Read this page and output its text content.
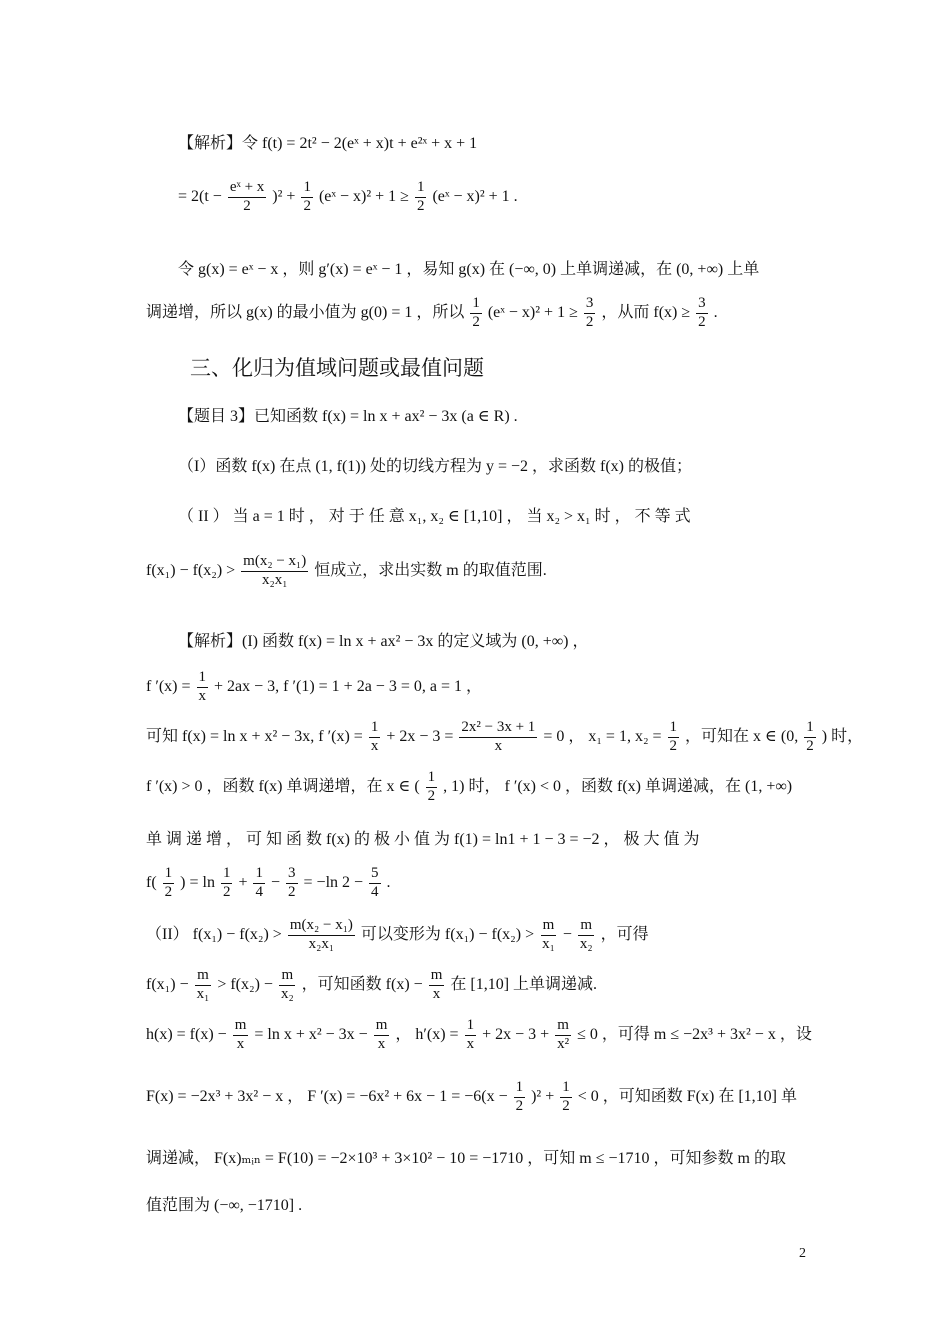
【解析】令 f(t) = 2t² − 2(eˣ + x)t + e²ˣ + x + 1
= $2(t - \frac{\text{eˣ + x}}{2} )^2 + \frac{1}{2}$ (eˣ − $x)^2 + 1 \ge \frac{1}{2}$ (eˣ − x)² + 1 .
令 g(x) = eˣ − x ，则 g′(x) = eˣ − 1 ，易知 g(x) 在 (−∞, 0) 上单调递减，在 (0, +∞) 上单
调递增，所以 g(x) 的最小值为 g(0) = 1 ，所以 $\frac{1}{2}$ (eˣ − $x)^2 + 1 \ge \frac{3}{2}$ ，从而 $f(x) \ge \frac{3}{2}$ .
三、化归为值域问题或最值问题
【题目 3】已知函数 f(x) = ln x + ax² − 3x (a ∈ R) .
（I）函数 f(x) 在点 (1, f(1)) 处的切线方程为 y = −2 ，求函数 f(x) 的极值；
（ II ） 当 a = 1 时 ， 对 于 任 意 x₁, x₂ ∈ [1,10] ， 当 x₂ > x₁ 时 ， 不 等 式
$f(x_1) - f(x_2) > \frac{\text{m(x₂ − x₁)}}{\text{x₂x₁}}$ 恒成立，求出实数 m 的取值范围.
【解析】(I) 函数 f(x) = ln x + ax² − 3x 的定义域为 (0, +∞) ，
f $'(x) = \frac{1}{x} + 2ax - 3$, f ′(1) = 1 + 2a − 3 = 0, a = 1 ，
可知 f(x) = ln x + x² − 3x, f $'(x) = \frac{1}{x} + 2x - 3 = \frac{\text{2x² − 3x + 1}}{x} = 0$ ， x₁ = 1, $x_2 = \frac{1}{2}$ ，可知在 x ∈ (0, $\frac{1}{2}$ ) 时，
f ′(x) > 0 ，函数 f(x) 单调递增，在 x ∈ ( $\frac{1}{2}$ , 1) 时， f ′(x) < 0 ，函数 f(x) 单调递减，在 (1, +∞)
单 调 递 增 ， 可 知 函 数 f(x) 的 极 小 值 为 f(1) = ln1 + 1 − 3 = −2 ， 极 大 值 为
$f( \frac{1}{2}$ ) = $\ln \frac{1}{2} + \frac{1}{4} - \frac{3}{2} = -\ln$ $2 - \frac{5}{4}$ .
（II） $f(x_1) - f(x_2) > \frac{\text{m(x₂ − x₁)}}{\text{x₂x₁}}$ 可以变形为 $f(x_1) - f(x_2) > \frac{m}{\text{x₁}} - \frac{m}{\text{x₂}}$ ，可得
$f(x_1) - \frac{m}{\text{x₁}} > f(x_2) - \frac{m}{\text{x₂}}$ ，可知函数 $f(x) - \frac{m}{x}$ 在 [1,10] 上单调递减.
$h(x) = f(x) - \frac{m}{x} = \ln x + x^2 - 3x - \frac{m}{x}$ ， $h'(x) = \frac{1}{x} + 2x - 3 + \frac{m}{\text{x²}} \le 0$ ，可得 m ≤ −2x³ + 3x² − x ，设
F(x) = −2x³ + 3x² − x ， F $'(x) = -6x^2 + 6x - 1 = -6(x - \frac{1}{2} )^2 + \frac{1}{2} < 0$ ，可知函数 F(x) 在 [1,10] 单
调递减， F(x)ₘᵢₙ = F(10) = −2×10³ + 3×10² − 10 = −1710 ，可知 m ≤ −1710 ，可知参数 m 的取
值范围为 (−∞, −1710] .
2
